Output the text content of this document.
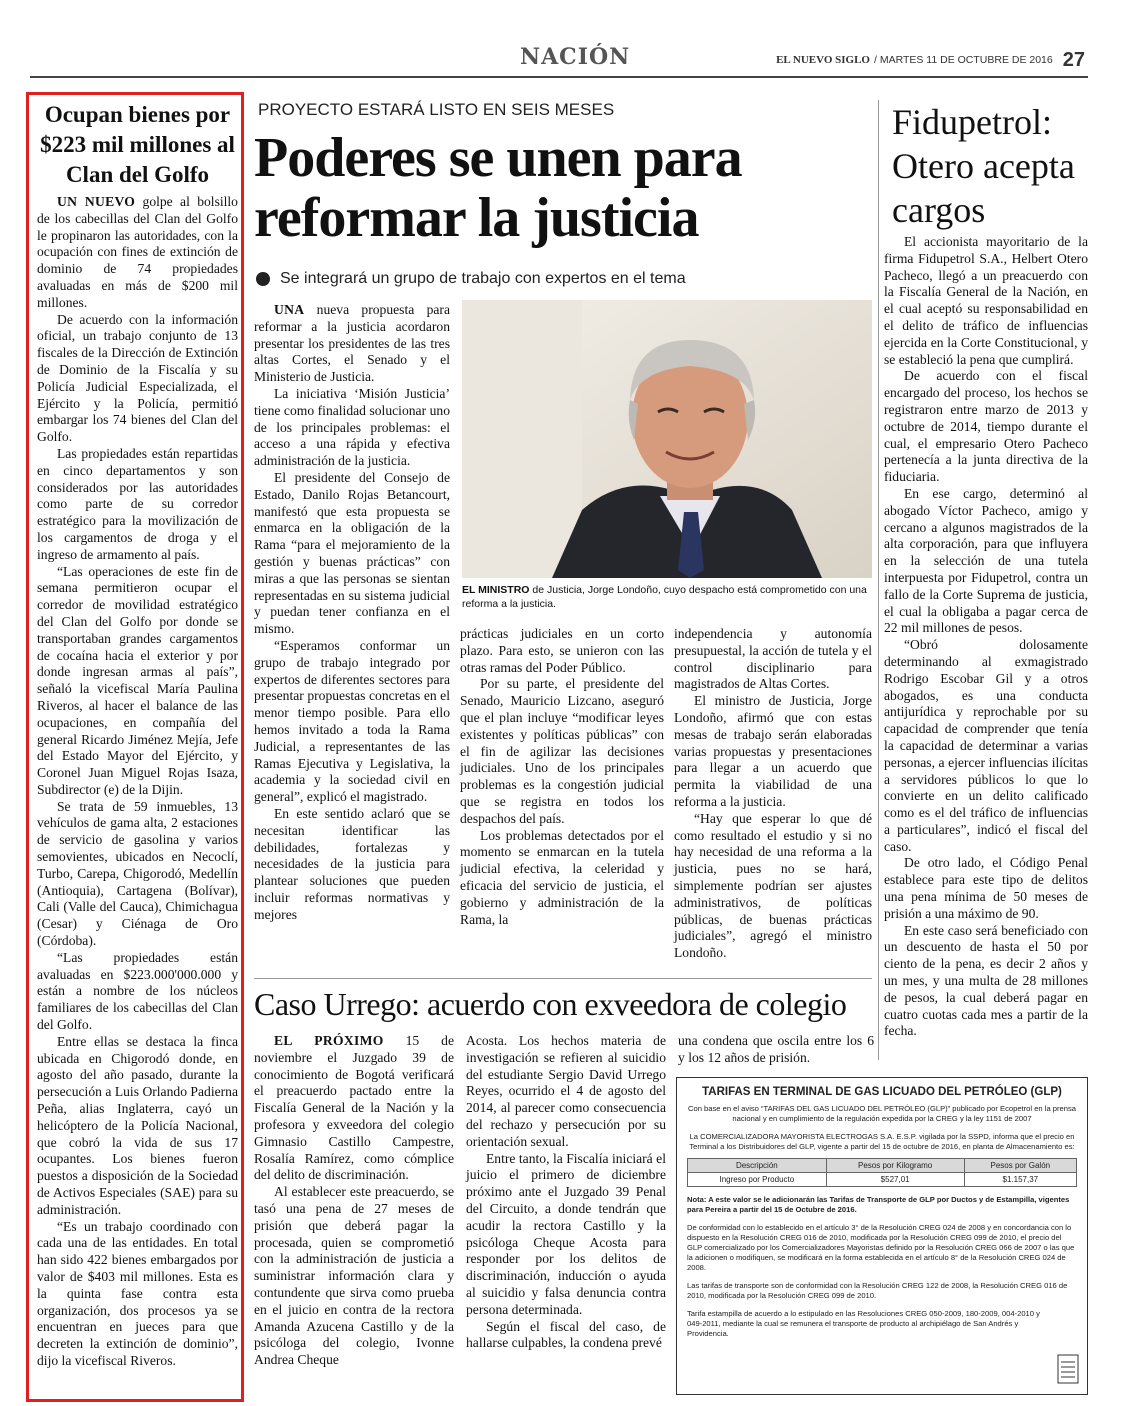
NACIÓN	EL NUEVO SIGLO / MARTES 11 DE OCTUBRE DE 2016 27
Ocupan bienes por $223 mil millones al Clan del Golfo

UN NUEVO golpe al bolsillo de los cabecillas del Clan del Golfo le propinaron las autoridades, con la ocupación con fines de extinción de dominio de 74 propiedades avaluadas en más de $200 mil millones.

De acuerdo con la información oficial, un trabajo conjunto de 13 fiscales de la Dirección de Extinción de Dominio de la Fiscalía y su Policía Judicial Especializada, el Ejército y la Policía, permitió embargar los 74 bienes del Clan del Golfo.

Las propiedades están repartidas en cinco departamentos y son considerados por las autoridades como parte de su corredor estratégico para la movilización de los cargamentos de droga y el ingreso de armamento al país.

“Las operaciones de este fin de semana permitieron ocupar el corredor de movilidad estratégico del Clan del Golfo por donde se transportaban grandes cargamentos de cocaína hacia el exterior y por donde ingresan armas al país”, señaló la vicefiscal María Paulina Riveros, al hacer el balance de las ocupaciones, en compañía del general Ricardo Jiménez Mejía, Jefe del Estado Mayor del Ejército, y Coronel Juan Miguel Rojas Isaza, Subdirector (e) de la Dijin.

Se trata de 59 inmuebles, 13 vehículos de gama alta, 2 estaciones de servicio de gasolina y varios semovientes, ubicados en Necoclí, Turbo, Carepa, Chigorodó, Medellín (Antioquia), Cartagena (Bolívar), Cali (Valle del Cauca), Chimichagua (Cesar) y Ciénaga de Oro (Córdoba).

“Las propiedades están avaluadas en $223.000'000.000 y están a nombre de los núcleos familiares de los cabecillas del Clan del Golfo.

Entre ellas se destaca la finca ubicada en Chigorodó donde, en agosto del año pasado, durante la persecución a Luis Orlando Padierna Peña, alias Inglaterra, cayó un helicóptero de la Policía Nacional, que cobró la vida de sus 17 ocupantes. Los bienes fueron puestos a disposición de la Sociedad de Activos Especiales (SAE) para su administración.

“Es un trabajo coordinado con cada una de las entidades. En total han sido 422 bienes embargados por valor de $403 mil millones. Esta es la quinta fase contra esta organización, dos procesos ya se encuentran en jueces para que decreten la extinción de dominio”, dijo la vicefiscal Riveros.

PROYECTO ESTARÁ LISTO EN SEIS MESES
Poderes se unen para reformar la justicia
Se integrará un grupo de trabajo con expertos en el tema

UNA nueva propuesta para reformar a la justicia acordaron presentar los presidentes de las tres altas Cortes, el Senado y el Ministerio de Justicia.

La iniciativa ‘Misión Justicia’ tiene como finalidad solucionar uno de los principales problemas: el acceso a una rápida y efectiva administración de la justicia.

El presidente del Consejo de Estado, Danilo Rojas Betancourt, manifestó que esta propuesta se enmarca en la obligación de la Rama “para el mejoramiento de la gestión y buenas prácticas” con miras a que las personas se sientan representadas en su sistema judicial y puedan tener confianza en el mismo.

“Esperamos conformar un grupo de trabajo integrado por expertos de diferentes sectores para presentar propuestas concretas en el menor tiempo posible. Para ello hemos invitado a toda la Rama Judicial, a representantes de las Ramas Ejecutiva y Legislativa, la academia y la sociedad civil en general”, explicó el magistrado.

En este sentido aclaró que se necesitan identificar las debilidades, fortalezas y necesidades de la justicia para plantear soluciones que pueden incluir reformas normativas y mejores

EL MINISTRO de Justicia, Jorge Londoño, cuyo despacho está comprometido con una reforma a la justicia.

prácticas judiciales en un corto plazo. Para esto, se unieron con las otras ramas del Poder Público.

Por su parte, el presidente del Senado, Mauricio Lizcano, aseguró que el plan incluye “modificar leyes existentes y políticas públicas” con el fin de agilizar las decisiones judiciales. Uno de los principales problemas es la congestión judicial que se registra en todos los despachos del país.

Los problemas detectados por el momento se enmarcan en la tutela judicial efectiva, la celeridad y eficacia del servicio de justicia, el gobierno y administración de la Rama, la

independencia y autonomía presupuestal, la acción de tutela y el control disciplinario para magistrados de Altas Cortes.

El ministro de Justicia, Jorge Londoño, afirmó que con estas mesas de trabajo serán elaboradas varias propuestas y presentaciones para llegar a un acuerdo que permita la viabilidad de una reforma a la justicia.

“Hay que esperar lo que dé como resultado el estudio y si no hay necesidad de una reforma a la justicia, pues no se hará, simplemente podrían ser ajustes administrativos, de políticas públicas, de buenas prácticas judiciales”, agregó el ministro Londoño.

Fidupetrol: Otero acepta cargos

El accionista mayoritario de la firma Fidupetrol S.A., Helbert Otero Pacheco, llegó a un preacuerdo con la Fiscalía General de la Nación, en el cual aceptó su responsabilidad en el delito de tráfico de influencias ejercida en la Corte Constitucional, y se estableció la pena que cumplirá.

De acuerdo con el fiscal encargado del proceso, los hechos se registraron entre marzo de 2013 y octubre de 2014, tiempo durante el cual, el empresario Otero Pacheco pertenecía a la junta directiva de la fiduciaria.

En ese cargo, determinó al abogado Víctor Pacheco, amigo y cercano a algunos magistrados de la alta corporación, para que influyera en la selección de una tutela interpuesta por Fidupetrol, contra un fallo de la Corte Suprema de justicia, el cual la obligaba a pagar cerca de 22 mil millones de pesos.

“Obró dolosamente determinando al exmagistrado Rodrigo Escobar Gil y a otros abogados, es una conducta antijurídica y reprochable por su capacidad de comprender que tenía la capacidad de determinar a varias personas, a ejercer influencias ilícitas a servidores públicos lo que lo convierte en un delito calificado como es el del tráfico de influencias a particulares”, indicó el fiscal del caso.

De otro lado, el Código Penal establece para este tipo de delitos una pena mínima de 50 meses de prisión a una máximo de 90.

En este caso será beneficiado con un descuento de hasta el 50 por ciento de la pena, es decir 2 años y un mes, y una multa de 28 millones de pesos, la cual deberá pagar en cuatro cuotas cada mes a partir de la fecha.

Caso Urrego: acuerdo con exveedora de colegio

EL PRÓXIMO 15 de noviembre el Juzgado 39 de conocimiento de Bogotá verificará el preacuerdo pactado entre la Fiscalía General de la Nación y la profesora y exveedora del colegio Gimnasio Castillo Campestre, Rosalía Ramírez, como cómplice del delito de discriminación.

Al establecer este preacuerdo, se tasó una pena de 27 meses de prisión que deberá pagar la procesada, quien se comprometió con la administración de justicia a suministrar información clara y contundente que sirva como prueba en el juicio en contra de la rectora Amanda Azucena Castillo y de la psicóloga del colegio, Ivonne Andrea Cheque

Acosta. Los hechos materia de investigación se refieren al suicidio del estudiante Sergio David Urrego Reyes, ocurrido el 4 de agosto del 2014, al parecer como consecuencia del rechazo y persecución por su orientación sexual.

Entre tanto, la Fiscalía iniciará el juicio el primero de diciembre próximo ante el Juzgado 39 Penal del Circuito, a donde tendrán que acudir la rectora Castillo y la psicóloga Cheque Acosta para responder por los delitos de discriminación, inducción o ayuda al suicidio y falsa denuncia contra persona determinada.

Según el fiscal del caso, de hallarse culpables, la condena prevé

una condena que oscila entre los 6 y los 12 años de prisión.

TARIFAS EN TERMINAL DE GAS LICUADO DEL PETRÓLEO (GLP)
Con base en el aviso “TARIFAS DEL GAS LICUADO DEL PETRÓLEO (GLP)” publicado por Ecopetrol en la prensa nacional y en cumplimiento de la regulación expedida por la CREG y la ley 1151 de 2007
La COMERCIALIZADORA MAYORISTA ELECTROGAS S.A. E.S.P. vigilada por la SSPD, informa que el precio en Terminal a los Distribuidores del GLP, vigente a partir del 15 de octubre de 2016, en planta de Almacenamiento es:
Descripción	Pesos por Kilogramo	Pesos por Galón
Ingreso por Producto	$527,01	$1.157,37
Nota: A este valor se le adicionarán las Tarifas de Transporte de GLP por Ductos y de Estampilla, vigentes para Pereira a partir del 15 de Octubre de 2016.
De conformidad con lo establecido en el artículo 3° de la Resolución CREG 024 de 2008 y en concordancia con lo dispuesto en la Resolución CREG 016 de 2010, modificada por la Resolución CREG 099 de 2010, el precio del GLP comercializado por los Comercializadores Mayoristas definido por la Resolución CREG 066 de 2007 o las que la adicionen o modifiquen, se modificará en la forma establecida en el artículo 8° de la Resolución CREG 024 de 2008.
Las tarifas de transporte son de conformidad con la Resolución CREG 122 de 2008, la Resolución CREG 016 de 2010, modificada por la Resolución CREG 099 de 2010.
Tarifa estampilla de acuerdo a lo estipulado en las Resoluciones CREG 050-2009, 180-2009, 004-2010 y 049-2011, mediante la cual se remunera el transporte de producto al archipiélago de San Andrés y Providencia.
